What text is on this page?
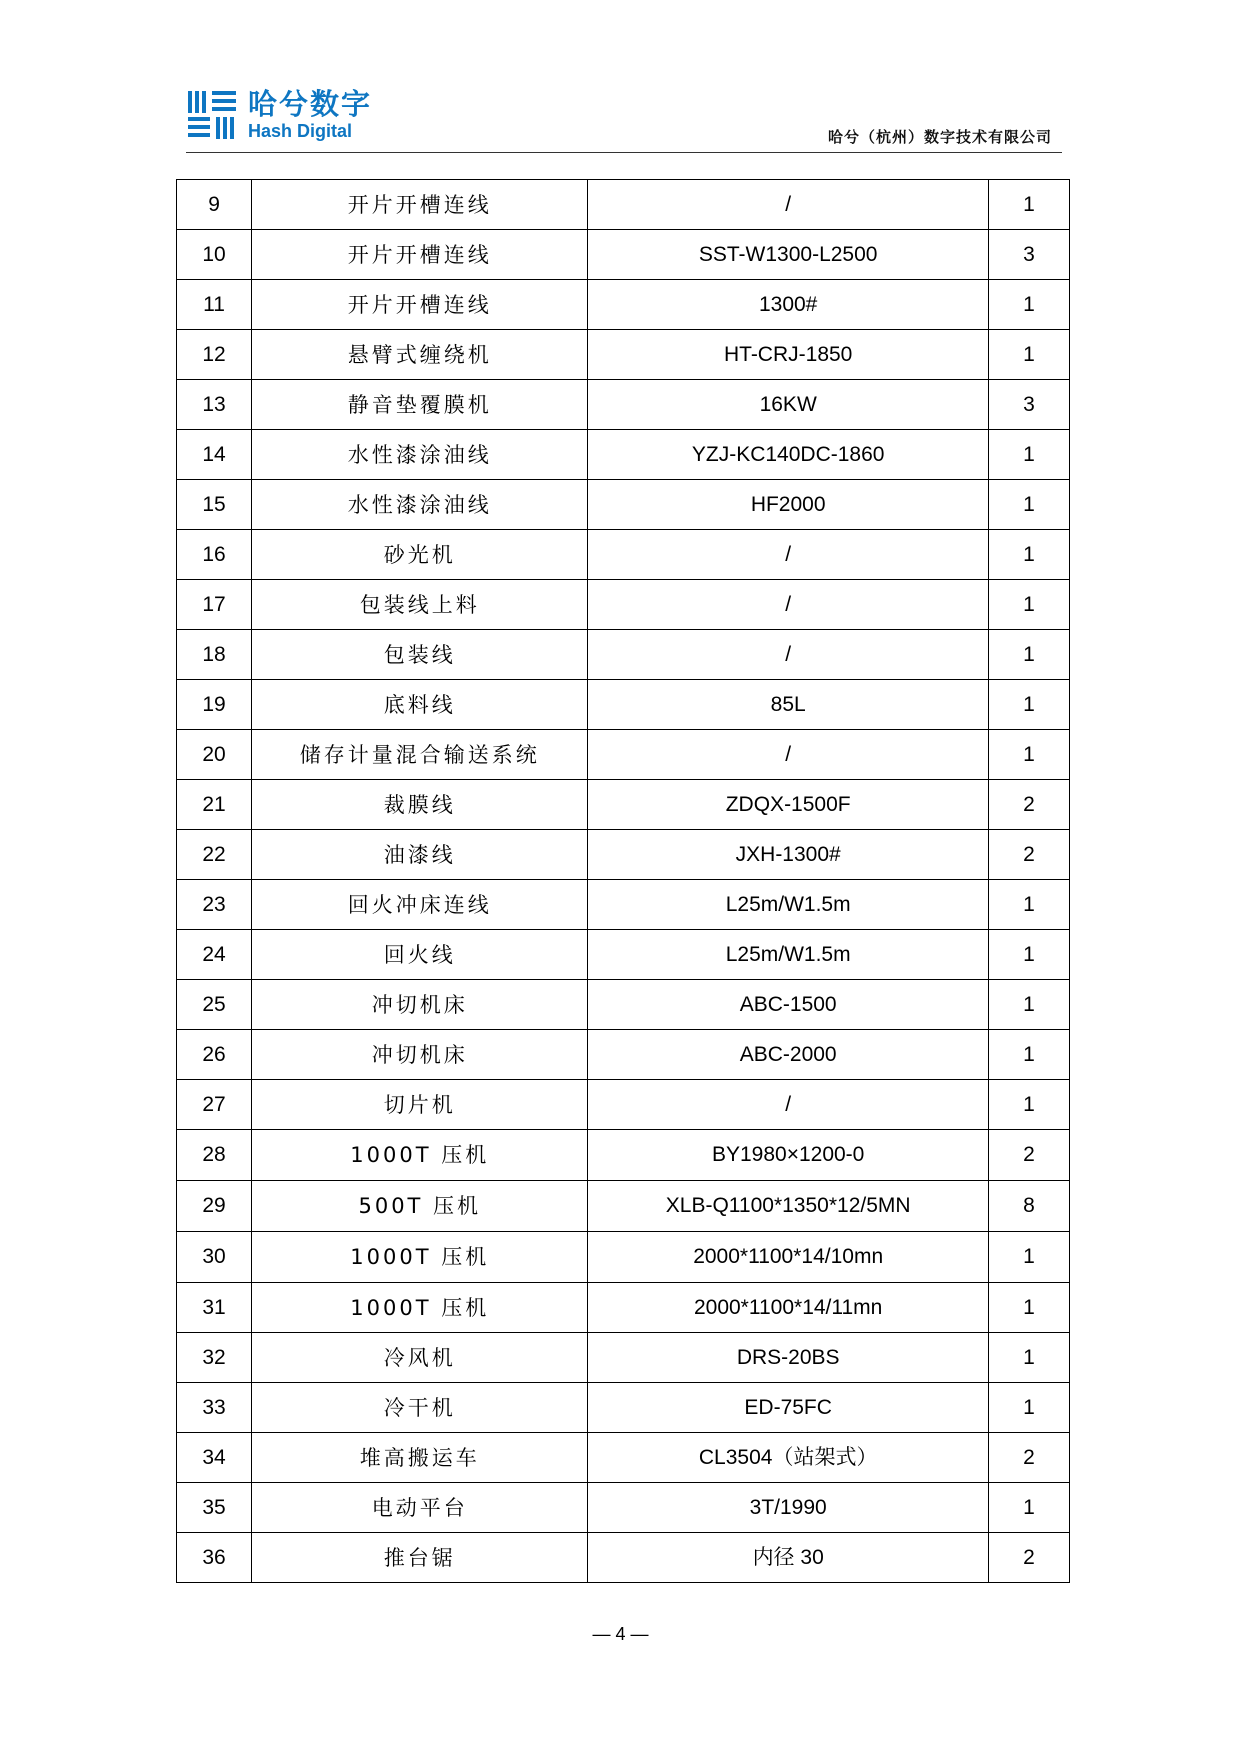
哈兮数字
Hash Digital	哈兮（杭州）数字技术有限公司
9	开片开槽连线	/	1
10	开片开槽连线	SST-W1300-L2500	3
11	开片开槽连线	1300#	1
12	悬臂式缠绕机	HT-CRJ-1850	1
13	静音垫覆膜机	16KW	3
14	水性漆涂油线	YZJ-KC140DC-1860	1
15	水性漆涂油线	HF2000	1
16	砂光机	/	1
17	包装线上料	/	1
18	包装线	/	1
19	底料线	85L	1
20	储存计量混合输送系统	/	1
21	裁膜线	ZDQX-1500F	2
22	油漆线	JXH-1300#	2
23	回火冲床连线	L25m/W1.5m	1
24	回火线	L25m/W1.5m	1
25	冲切机床	ABC-1500	1
26	冲切机床	ABC-2000	1
27	切片机	/	1
28	1000T 压机	BY1980×1200-0	2
29	500T 压机	XLB-Q1100*1350*12/5MN	8
30	1000T 压机	2000*1100*14/10mn	1
31	1000T 压机	2000*1100*14/11mn	1
32	冷风机	DRS-20BS	1
33	冷干机	ED-75FC	1
34	堆高搬运车	CL3504（站架式）	2
35	电动平台	3T/1990	1
36	推台锯	内径 30	2
— 4 —
